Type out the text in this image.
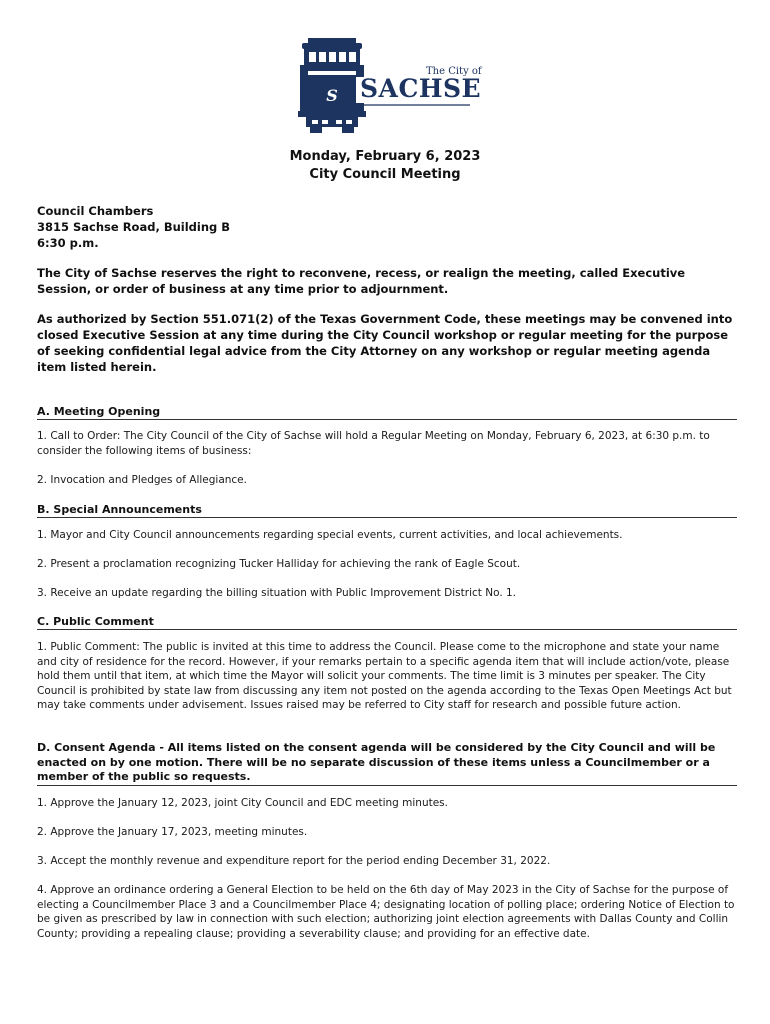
S
The City of
SACHSE
Monday, February 6, 2023
City Council Meeting
Council Chambers
3815 Sachse Road, Building B
6:30 p.m.
The City of Sachse reserves the right to reconvene, recess, or realign the meeting, called Executive Session, or order of business at any time prior to adjournment.
As authorized by Section 551.071(2) of the Texas Government Code, these meetings may be convened into closed Executive Session at any time during the City Council workshop or regular meeting for the purpose of seeking confidential legal advice from the City Attorney on any workshop or regular meeting agenda item listed herein.
A. Meeting Opening
1. Call to Order: The City Council of the City of Sachse will hold a Regular Meeting on Monday, February 6, 2023, at 6:30 p.m. to consider the following items of business:
2. Invocation and Pledges of Allegiance.
B. Special Announcements
1. Mayor and City Council announcements regarding special events, current activities, and local achievements.
2. Present a proclamation recognizing Tucker Halliday for achieving the rank of Eagle Scout.
3. Receive an update regarding the billing situation with Public Improvement District No. 1.
C. Public Comment
1. Public Comment: The public is invited at this time to address the Council. Please come to the microphone and state your name and city of residence for the record. However, if your remarks pertain to a specific agenda item that will include action/vote, please hold them until that item, at which time the Mayor will solicit your comments. The time limit is 3 minutes per speaker. The City Council is prohibited by state law from discussing any item not posted on the agenda according to the Texas Open Meetings Act but may take comments under advisement. Issues raised may be referred to City staff for research and possible future action.
D. Consent Agenda - All items listed on the consent agenda will be considered by the City Council and will be enacted on by one motion. There will be no separate discussion of these items unless a Councilmember or a member of the public so requests.
1. Approve the January 12, 2023, joint City Council and EDC meeting minutes.
2. Approve the January 17, 2023, meeting minutes.
3. Accept the monthly revenue and expenditure report for the period ending December 31, 2022.
4. Approve an ordinance ordering a General Election to be held on the 6th day of May 2023 in the City of Sachse for the purpose of electing a Councilmember Place 3 and a Councilmember Place 4; designating location of polling place; ordering Notice of Election to be given as prescribed by law in connection with such election; authorizing joint election agreements with Dallas County and Collin County; providing a repealing clause; providing a severability clause; and providing for an effective date.
